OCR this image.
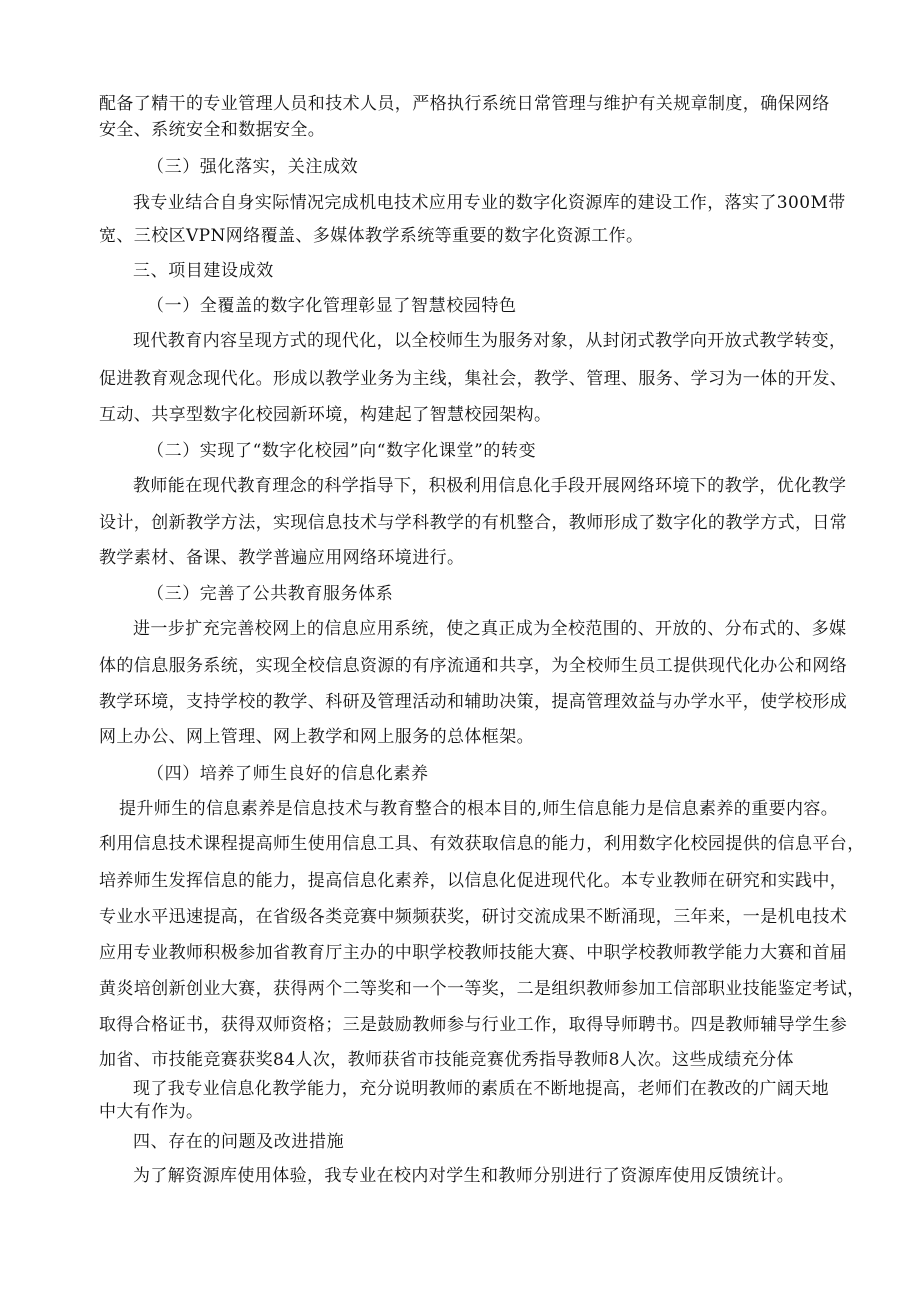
配备了精干的专业管理人员和技术人员，严格执行系统日常管理与维护有关规章制度，确保网络

安全、系统安全和数据安全。

（三）强化落实，关注成效

我专业结合自身实际情况完成机电技术应用专业的数字化资源库的建设工作，落实了300M带

宽、三校区VPN网络覆盖、多媒体教学系统等重要的数字化资源工作。

三、项目建设成效

（一）全覆盖的数字化管理彰显了智慧校园特色

现代教育内容呈现方式的现代化，以全校师生为服务对象，从封闭式教学向开放式教学转变，

促进教育观念现代化。形成以教学业务为主线，集社会，教学、管理、服务、学习为一体的开发、

互动、共享型数字化校园新环境，构建起了智慧校园架构。

（二）实现了“数字化校园”向“数字化课堂”的转变

教师能在现代教育理念的科学指导下，积极利用信息化手段开展网络环境下的教学，优化教学

设计，创新教学方法，实现信息技术与学科教学的有机整合，教师形成了数字化的教学方式，日常

教学素材、备课、教学普遍应用网络环境进行。

（三）完善了公共教育服务体系

进一步扩充完善校网上的信息应用系统，使之真正成为全校范围的、开放的、分布式的、多媒

体的信息服务系统，实现全校信息资源的有序流通和共享，为全校师生员工提供现代化办公和网络

教学环境，支持学校的教学、科研及管理活动和辅助决策，提高管理效益与办学水平，使学校形成

网上办公、网上管理、网上教学和网上服务的总体框架。

（四）培养了师生良好的信息化素养

提升师生的信息素养是信息技术与教育整合的根本目的,师生信息能力是信息素养的重要内容。

利用信息技术课程提高师生使用信息工具、有效获取信息的能力，利用数字化校园提供的信息平台，

培养师生发挥信息的能力，提高信息化素养，以信息化促进现代化。本专业教师在研究和实践中，

专业水平迅速提高，在省级各类竞赛中频频获奖，研讨交流成果不断涌现，三年来，一是机电技术

应用专业教师积极参加省教育厅主办的中职学校教师技能大赛、中职学校教师教学能力大赛和首届

黄炎培创新创业大赛，获得两个二等奖和一个一等奖，二是组织教师参加工信部职业技能鉴定考试，

取得合格证书，获得双师资格；三是鼓励教师参与行业工作，取得导师聘书。四是教师辅导学生参

加省、市技能竞赛获奖84人次，教师获省市技能竞赛优秀指导教师8人次。这些成绩充分体

现了我专业信息化教学能力，充分说明教师的素质在不断地提高，老师们在教改的广阔天地

中大有作为。

四、存在的问题及改进措施

为了解资源库使用体验，我专业在校内对学生和教师分别进行了资源库使用反馈统计。
